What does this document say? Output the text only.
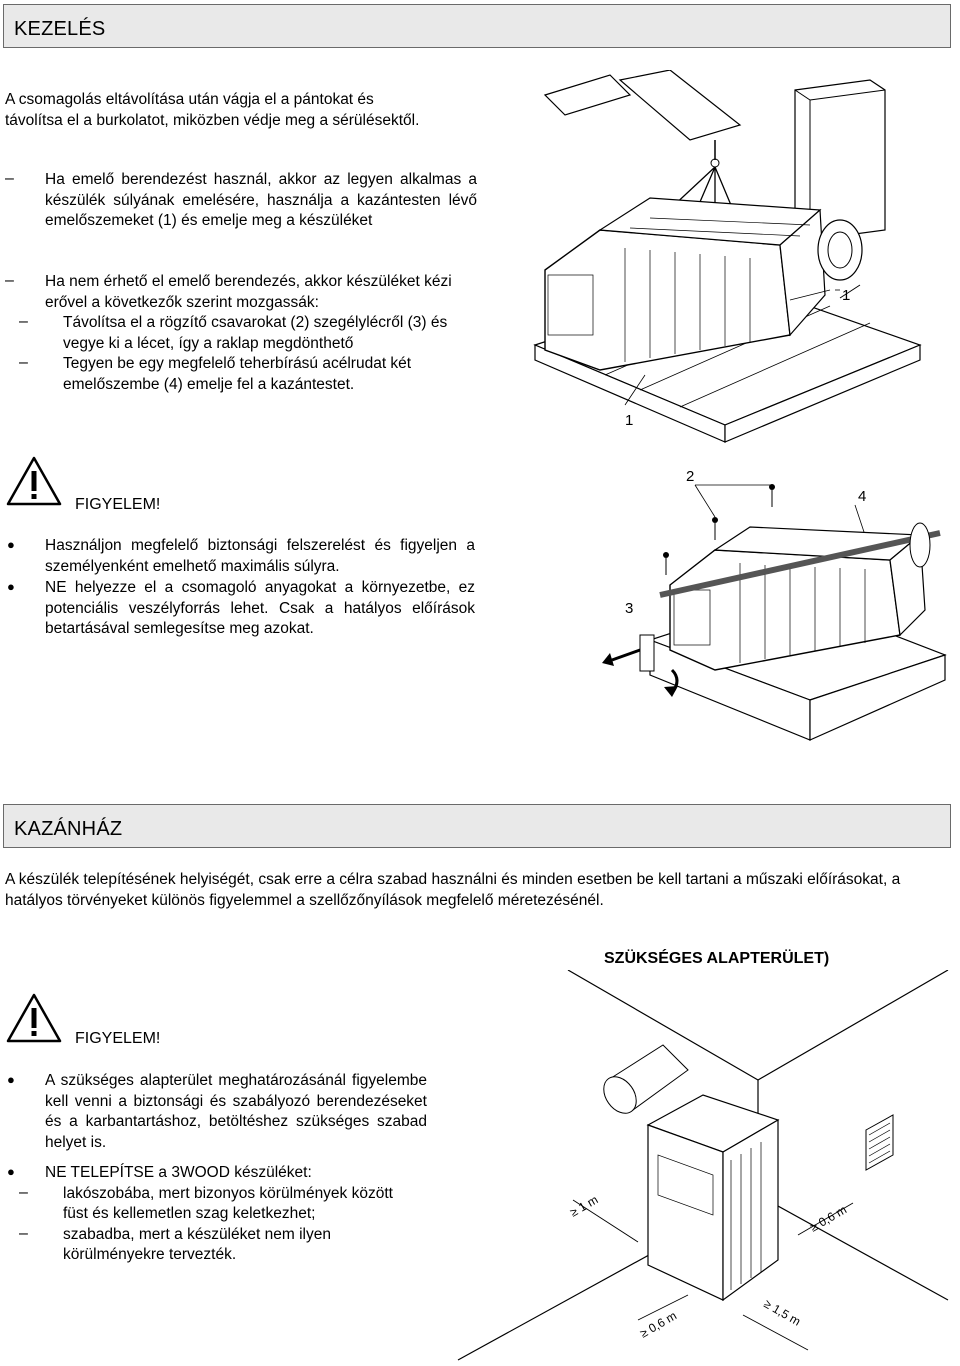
KEZELÉS
A csomagolás eltávolítása után vágja el a pántokat és távolítsa el a burkolatot, miközben védje meg a sérülésektől.
– Ha emelő berendezést használ, akkor az legyen alkalmas a készülék súlyának emelésére, használja a kazántesten lévő emelőszemeket (1) és emelje meg a készüléket
– Ha nem érhető el emelő berendezés, akkor készüléket kézi erővel a következők szerint mozgassák:
– Távolítsa el a rögzítő csavarokat (2) szegélylécről (3) és vegye ki a lécet, így a raklap megdönthető
– Tegyen be egy megfelelő teherbírású acélrudat két emelőszembe (4) emelje fel a kazántestet.
FIGYELEM!
● Használjon megfelelő biztonsági felszerelést és figyeljen a személyenként emelhető maximális súlyra.
● NE helyezze el a csomagoló anyagokat a környezetbe, ez potenciális veszélyforrás lehet. Csak a hatályos előírások betartásával semlegesítse meg azokat.
1
1
2
4
3
KAZÁNHÁZ
A készülék telepítésének helyiségét, csak erre a célra szabad használni és minden esetben be kell tartani a műszaki előírásokat, a hatályos törvényeket különös figyelemmel a szellőzőnyílások megfelelő méretezésénél.
SZÜKSÉGES ALAPTERÜLET)
FIGYELEM!
● A szükséges alapterület meghatározásánál figyelembe kell venni a biztonsági és szabályozó berendezéseket és a karbantartáshoz, betöltéshez szükséges szabad helyet is.
● NE TELEPÍTSE a 3WOOD készüléket:
– lakószobába, mert bizonyos körülmények között füst és kellemetlen szag keletkezhet;
– szabadba, mert a készüléket nem ilyen körülményekre tervezték.
≥ 1 m	≥ 0,6 m
≥ 1,5 m
≥ 0,6 m
